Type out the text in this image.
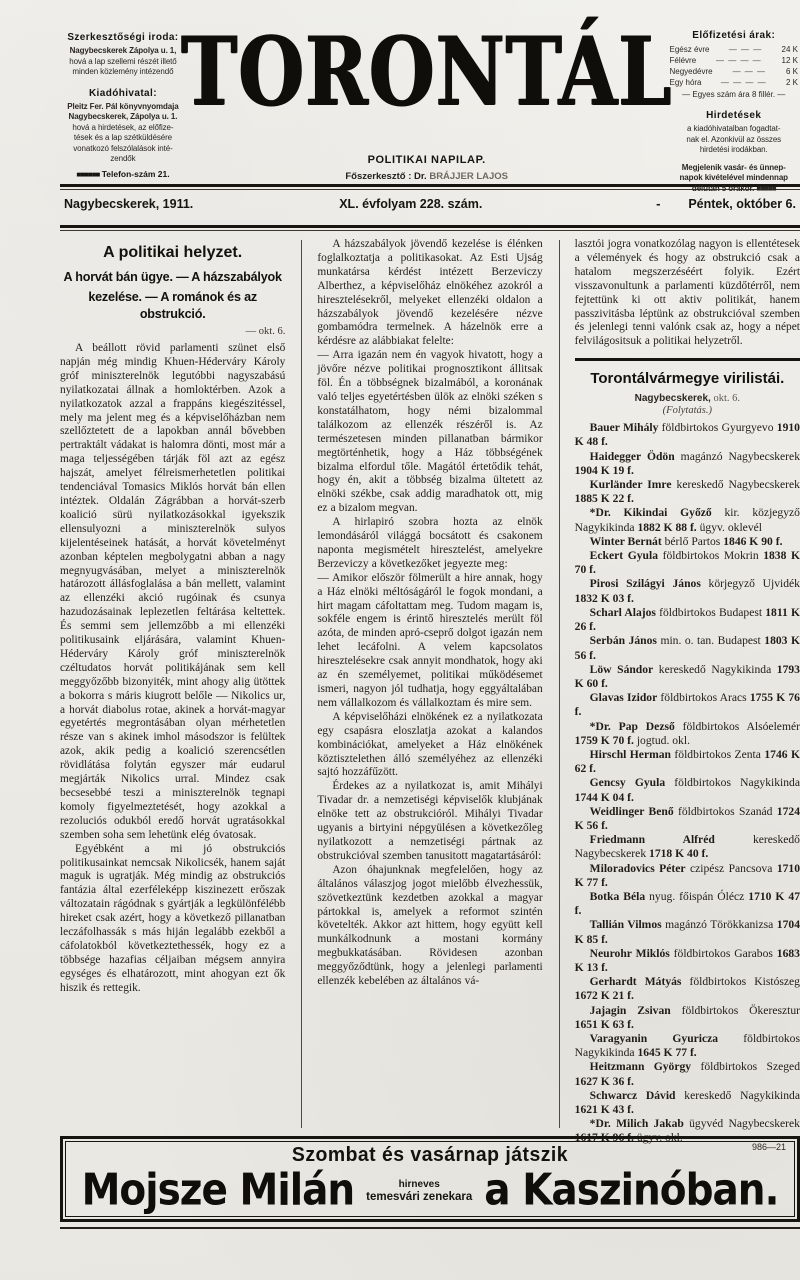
Szerkesztőségi iroda:
Nagybecskerek Zápolya u. 1,
hová a lap szellemi részét illető
minden közlemény intézendő
Kiadóhivatal:
Pleitz Fer. Pál könyvnyomdaja
Nagybecskerek, Zápolya u. 1.
hová a hirdetések, az előfize-
tések és a lap szétküldésére
vonatkozó felszólalások inté-
zendők
■■■■■■ Telefon-szám 21.
TORONTÁL
POLITIKAI NAPILAP.
Főszerkesztő : Dr. BRÁJJER LAJOS
Előfizetési árak:
Egész évre	— — —	24 K
Félévre	— — — —	12 K
Negyedévre	— — —	6 K
Egy hóra	— — — —	2 K
— Egyes szám ára 8 fillér. —
Hirdetések
a kiadóhivatalban fogadtat-
nak el. Azonkivül az összes
hirdetési irodákban.
Megjelenik vasár- és ünnep-
napok kivételével mindennap
délután 5 órakor. ■■■■■
Nagybecskerek, 1911.	XL. évfolyam 228. szám.	-	Péntek, október 6.
A politikai helyzet.
A horvát bán ügye. — A házszabályok
kezelése. — A románok és az obstrukció.
— okt. 6.

A beállott rövid parlamenti szünet első napján még mindig Khuen-Héderváry Károly gróf miniszterelnök legutóbbi nagyszabású nyilatkozatai állnak a homloktérben. Azok a nyilatkozatok azzal a frappáns kiegészitéssel, mely ma jelent meg és a képviselőházban nem szellőztetett de a lapokban annál bővebben pertraktált vádakat is halomra dönti, most már a maga teljességében tárják föl azt az egész hajszát, amelyet félreismerhetetlen politikai tendenciával Tomasics Miklós horvát bán ellen intéztek. Oldalán Zágrábban a horvát-szerb koalició sürü nyilatkozásokkal igyekszik ellensulyozni a miniszterelnök sulyos kijelentéseinek hatását, a horvát követelményt azonban képtelen megbolygatni abban a nagy megnyugvásában, melyet a miniszterelnök határozott állásfoglalása a bán mellett, valamint az ellenzéki akció rugóinak és csunya hazudozásainak leplezetlen feltárása keltettek. És semmi sem jellemzőbb a mi ellenzéki politikusaink eljárására, valamint Khuen-Héderváry Károly gróf miniszterelnök czéltudatos horvát politikájának sem kell meggyőzőbb bizonyiték, mint ahogy alig ütöttek a bokorra s máris kiugrott belőle — Nikolics ur, a horvát diabolus rotae, akinek a horvát-magyar egyetértés megrontásában olyan mérhetetlen része van s akinek imhol másodszor is felültek azok, akik pedig a koalició szerencsétlen rövidlátása folytán egyszer már eudarul megjárták Nikolics urral. Mindez csak becsesebbé teszi a miniszterelnök tegnapi komoly figyelmeztetését, hogy azokkal a rezoluciós odukból eredő horvát ugratásokkal szemben soha sem lehetünk elég óvatosak.

Egyébként a mi jó obstrukciós politikusainkat nemcsak Nikolicsék, hanem saját maguk is ugratják. Még mindig az obstrukciós fantázia által ezerféleképp kiszinezett erőszak változatain rágódnak s gyártják a legkülönfélébb hireket csak azért, hogy a következő pillanatban leczáfolhassák s más hiján legalább ezekből a cáfolatokból következtethessék, hogy ez a többsége hazafias céljaiban mégsem annyira egységes és elhatározott, mint ahogyan ezt ők hiszik és rettegik.

A házszabályok jövendő kezelése is élénken foglalkoztatja a politikasokat. Az Esti Ujság munkatársa kérdést intézett Berzeviczy Alberthez, a képviselőház elnökéhez azokról a hiresztelésekről, melyeket ellenzéki oldalon a házszabályok jövendő kezelésére nézve gombamódra termelnek. A házelnök erre a kérdésre az alábbiakat felelte:

— Arra igazán nem én vagyok hivatott, hogy a jövőre nézve politikai prognosztikont állitsak föl. Én a többségnek bizalmából, a koronának való teljes egyetértésben ülök az elnöki széken s konstatálhatom, hogy némi bizalommal találkozom az ellenzék részéről is. Az természetesen minden pillanatban bármikor megtörténhetik, hogy a Ház többségének bizalma elfordul tőle. Magától értetődik tehát, hogy én, akit a többség bizalma ültetett az elnöki székbe, csak addig maradhatok ott, mig ez a bizalom megvan.

A hirlapiró szobra hozta az elnök lemondásáról világgá bocsátott és csakonem naponta megismételt hiresztelést, amelyekre Berzeviczy a következőket jegyezte meg:

— Amikor először fölmerült a hire annak, hogy a Ház elnöki méltóságáról le fogok mondani, a hirt magam cáfoltattam meg. Tudom magam is, sokféle engem is érintő hiresztelés merült föl azóta, de minden apró-cseprő dolgot igazán nem lehet lecáfolni. A velem kapcsolatos hiresztelésekre csak annyit mondhatok, hogy aki az én személyemet, politikai működésemet ismeri, nagyon jól tudhatja, hogy eggyáltalában nem vállalkozom és vállalkoztam és mire sem.

A képviselőházi elnökének ez a nyilatkozata egy csapásra eloszlatja azokat a kalandos kombinációkat, amelyeket a Ház elnökének köztisztelethen álló személyéhez az ellenzéki sajtó hozzáfűzött.

Érdekes az a nyilatkozat is, amit Mihályi Tivadar dr. a nemzetiségi képviselők klubjának elnöke tett az obstrukcióról. Mihályi Tivadar ugyanis a birtyini népgyülésen a következőleg nyilatkozott a nemzetiségi pártnak az obstrukcióval szemben tanusitott magatartásáról:

Azon óhajunknak megfelelően, hogy az általános válaszjog jogot mielőbb élvezhessük, szövetkeztünk kezdetben azokkal a magyar pártokkal is, amelyek a reformot szintén követelték. Akkor azt hittem, hogy együtt kell munkálkodnunk a mostani kormány megbukkatásában. Rövidesen azonban meggyőződtünk, hogy a jelenlegi parlamenti ellenzék kebelében az általános vá-

lasztói jogra vonatkozólag nagyon is ellentétesek a vélemények és hogy az obstrukció csak a hatalom megszerzéséért folyik. Ezért visszavonultunk a parlamenti küzdőtérről, nem fejtettünk ki ott aktiv politikát, hanem passzivitásba léptünk az obstrukcióval szemben és jelenlegi tenni valónk csak az, hogy a népet felvilágositsuk a politikai helyzetről.

Torontálvármegye virilistái.
Nagybecskerek, okt. 6.
(Folytatás.)
Bauer Mihály földbirtokos Gyurgyevo 1910 K 48 f.
Haidegger Ödön magánzó Nagybecskerek 1904 K 19 f.
Kurländer Imre kereskedő Nagybecskerek 1885 K 22 f.
*Dr. Kikindai Győző kir. közjegyző Nagykikinda 1882 K 88 f. ügyv. oklevél
Winter Bernát bérlő Partos 1846 K 90 f.
Eckert Gyula földbirtokos Mokrin 1838 K 70 f.
Pirosi Szilágyi János körjegyző Ujvidék 1832 K 03 f.
Scharl Alajos földbirtokos Budapest 1811 K 26 f.
Serbán János min. o. tan. Budapest 1803 K 56 f.
Löw Sándor kereskedő Nagykikinda 1793 K 60 f.
Glavas Izidor földbirtokos Aracs 1755 K 76 f.
*Dr. Pap Dezső földbirtokos Alsóelemér 1759 K 70 f. jogtud. okl.
Hirschl Herman földbirtokos Zenta 1746 K 62 f.
Gencsy Gyula földbirtokos Nagykikinda 1744 K 04 f.
Weidlinger Benő földbirtokos Szanád 1724 K 56 f.
Friedmann Alfréd	kereskedő Nagybecskerek 1718 K 40 f.
Miloradovics Péter czipész Pancsova 1710 K 77 f.
Botka Béla nyug. főispán Ólécz 1710 K 47 f.
Tallián Vilmos magánzó Törökkanizsa 1704 K 85 f.
Neurohr Miklós földbirtokos Garabos 1683 K 13 f.
Gerhardt Mátyás földbirtokos Kistószeg 1672 K 21 f.
Jajagin Zsivan földbirtokos Ökeresztur 1651 K 63 f.
Varagyanin Gyuricza földbirtokos Nagykikinda 1645 K 77 f.
Heitzmann György földbirtokos Szeged 1627 K 36 f.
Schwarcz Dávid kereskedő Nagykikinda 1621 K 43 f.
*Dr. Milich Jakab ügyvéd Nagybecskerek 1617 K 96 f. ügyv. okl.
986—21
Szombat és vasárnap játszik
Mojsze Milán	hirneves
temesvári zenekara a Kaszinóban.
